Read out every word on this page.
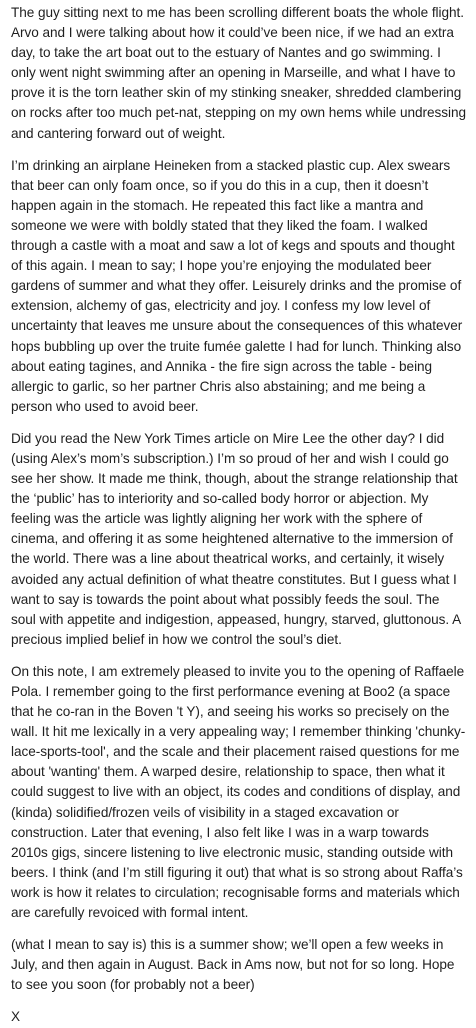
The guy sitting next to me has been scrolling different boats the whole flight. Arvo and I were talking about how it could’ve been nice, if we had an extra day, to take the art boat out to the estuary of Nantes and go swimming. I only went night swimming after an opening in Marseille, and what I have to prove it is the torn leather skin of my stinking sneaker, shredded clambering on rocks after too much pet-nat, stepping on my own hems while undressing and cantering forward out of weight.

I’m drinking an airplane Heineken from a stacked plastic cup. Alex swears that beer can only foam once, so if you do this in a cup, then it doesn’t happen again in the stomach. He repeated this fact like a mantra and someone we were with boldly stated that they liked the foam. I walked through a castle with a moat and saw a lot of kegs and spouts and thought of this again. I mean to say; I hope you’re enjoying the modulated beer gardens of summer and what they offer. Leisurely drinks and the promise of extension, alchemy of gas, electricity and joy. I confess my low level of uncertainty that leaves me unsure about the consequences of this whatever hops bubbling up over the truite fumée galette I had for lunch. Thinking also about eating tagines, and Annika - the fire sign across the table - being allergic to garlic, so her partner Chris also abstaining; and me being a person who used to avoid beer.

Did you read the New York Times article on Mire Lee the other day? I did (using Alex’s mom’s subscription.) I’m so proud of her and wish I could go see her show. It made me think, though, about the strange relationship that the ‘public’ has to interiority and so-called body horror or abjection. My feeling was the article was lightly aligning her work with the sphere of cinema, and offering it as some heightened alternative to the immersion of the world. There was a line about theatrical works, and certainly, it wisely avoided any actual definition of what theatre constitutes. But I guess what I want to say is towards the point about what possibly feeds the soul. The soul with appetite and indigestion, appeased, hungry, starved, gluttonous. A precious implied belief in how we control the soul’s diet.

On this note, I am extremely pleased to invite you to the opening of Raffaele Pola. I remember going to the first performance evening at Boo2 (a space that he co-ran in the Boven 't Y), and seeing his works so precisely on the wall. It hit me lexically in a very appealing way; I remember thinking 'chunky-lace-sports-tool', and the scale and their placement raised questions for me about 'wanting' them. A warped desire, relationship to space, then what it could suggest to live with an object, its codes and conditions of display, and (kinda) solidified/frozen veils of visibility in a staged excavation or construction. Later that evening, I also felt like I was in a warp towards 2010s gigs, sincere listening to live electronic music, standing outside with beers. I think (and I’m still figuring it out) that what is so strong about Raffa’s work is how it relates to circulation; recognisable forms and materials which are carefully revoiced with formal intent.

(what I mean to say is) this is a summer show; we’ll open a few weeks in July, and then again in August. Back in Ams now, but not for so long. Hope to see you soon (for probably not a beer)

X
